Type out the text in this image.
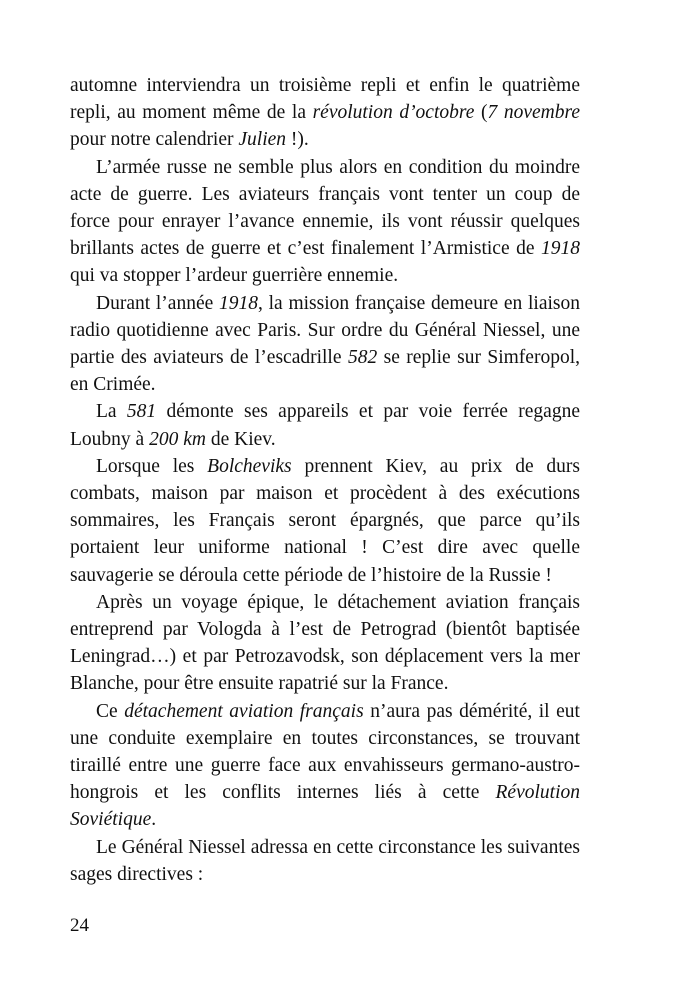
automne interviendra un troisième repli et enfin le quatrième repli, au moment même de la révolution d’octobre (7 novembre pour notre calendrier Julien !).

L’armée russe ne semble plus alors en condition du moindre acte de guerre. Les aviateurs français vont tenter un coup de force pour enrayer l’avance ennemie, ils vont réussir quelques brillants actes de guerre et c’est finalement l’Armistice de 1918 qui va stopper l’ardeur guerrière ennemie.

Durant l’année 1918, la mission française demeure en liaison radio quotidienne avec Paris. Sur ordre du Général Niessel, une partie des aviateurs de l’escadrille 582 se replie sur Simferopol, en Crimée.

La 581 démonte ses appareils et par voie ferrée regagne Loubny à 200 km de Kiev.

Lorsque les Bolcheviks prennent Kiev, au prix de durs combats, maison par maison et procèdent à des exécutions sommaires, les Français seront épargnés, que parce qu’ils portaient leur uniforme national ! C’est dire avec quelle sauvagerie se déroula cette période de l’histoire de la Russie !

Après un voyage épique, le détachement aviation français entreprend par Vologda à l’est de Petrograd (bientôt baptisée Leningrad…) et par Petrozavodsk, son déplacement vers la mer Blanche, pour être ensuite rapatrié sur la France.

Ce détachement aviation français n’aura pas démérité, il eut une conduite exemplaire en toutes circonstances, se trouvant tiraillé entre une guerre face aux envahisseurs germano-austro-hongrois et les conflits internes liés à cette Révolution Soviétique.

Le Général Niessel adressa en cette circonstance les suivantes sages directives :

24
